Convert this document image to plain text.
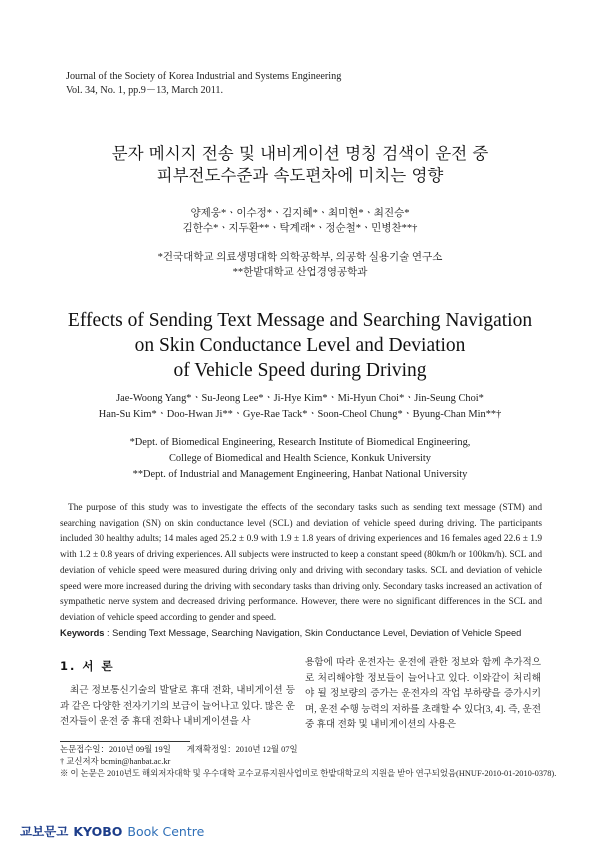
Journal of the Society of Korea Industrial and Systems Engineering
Vol. 34, No. 1, pp.9－13, March 2011.
문자 메시지 전송 및 내비게이션 명칭 검색이 운전 중
피부전도수준과 속도편차에 미치는 영향
양제웅*ㆍ이수정*ㆍ김지혜*ㆍ최미현*ㆍ최진승*
김한수*ㆍ지두환**ㆍ탁계래*ㆍ정순철*ㆍ민병찬**†
*건국대학교 의료생명대학 의학공학부, 의공학 실용기술 연구소
**한밭대학교 산업경영공학과
Effects of Sending Text Message and Searching Navigation
on Skin Conductance Level and Deviation
of Vehicle Speed during Driving
Jae-Woong Yang*ㆍSu-Jeong Lee*ㆍJi-Hye Kim*ㆍMi-Hyun Choi*ㆍJin-Seung Choi*
Han-Su Kim*ㆍDoo-Hwan Ji**ㆍGye-Rae Tack*ㆍSoon-Cheol Chung*ㆍByung-Chan Min**†
*Dept. of Biomedical Engineering, Research Institute of Biomedical Engineering,
College of Biomedical and Health Science, Konkuk University
**Dept. of Industrial and Management Engineering, Hanbat National University

The purpose of this study was to investigate the effects of the secondary tasks such as sending text message (STM) and searching navigation (SN) on skin conductance level (SCL) and deviation of vehicle speed during driving. The participants included 30 healthy adults; 14 males aged 25.2 ± 0.9 with 1.9 ± 1.8 years of driving experiences and 16 females aged 22.6 ± 1.9 with 1.2 ± 0.8 years of driving experiences. All subjects were instructed to keep a constant speed (80km/h or 100km/h). SCL and deviation of vehicle speed were measured during driving only and driving with secondary tasks. SCL and deviation of vehicle speed were more increased during the driving with secondary tasks than driving only. Secondary tasks increased an activation of sympathetic nerve system and decreased driving performance. However, there were no significant differences in the SCL and deviation of vehicle speed according to gender and speed.

Keywords : Sending Text Message, Searching Navigation, Skin Conductance Level, Deviation of Vehicle Speed
1. 서 론

최근 정보통신기술의 발달로 휴대 전화, 내비게이션 등과 같은 다양한 전자기기의 보급이 늘어나고 있다. 많은 운전자들이 운전 중 휴대 전화나 내비게이션을 사

용함에 따라 운전자는 운전에 관한 정보와 함께 추가적으로 처리해야할 정보들이 늘어나고 있다. 이와같이 처리해야 될 정보량의 증가는 운전자의 작업 부하량을 증가시키며, 운전 수행 능력의 저하를 초래할 수 있다[3, 4]. 즉, 운전 중 휴대 전화 및 내비게이션의 사용은

논문접수일：2010년 09월 19일 게재확정일：2010년 12월 07일
† 교신저자 bcmin@hanbat.ac.kr
※ 이 논문은 2010년도 해외저자대학 및 우수대학 교수교류지원사업비로 한밭대학교의 지원을 받아 연구되었음(HNUF-2010-01-2010-0378).
교보문고 KYOBO Book Centre
